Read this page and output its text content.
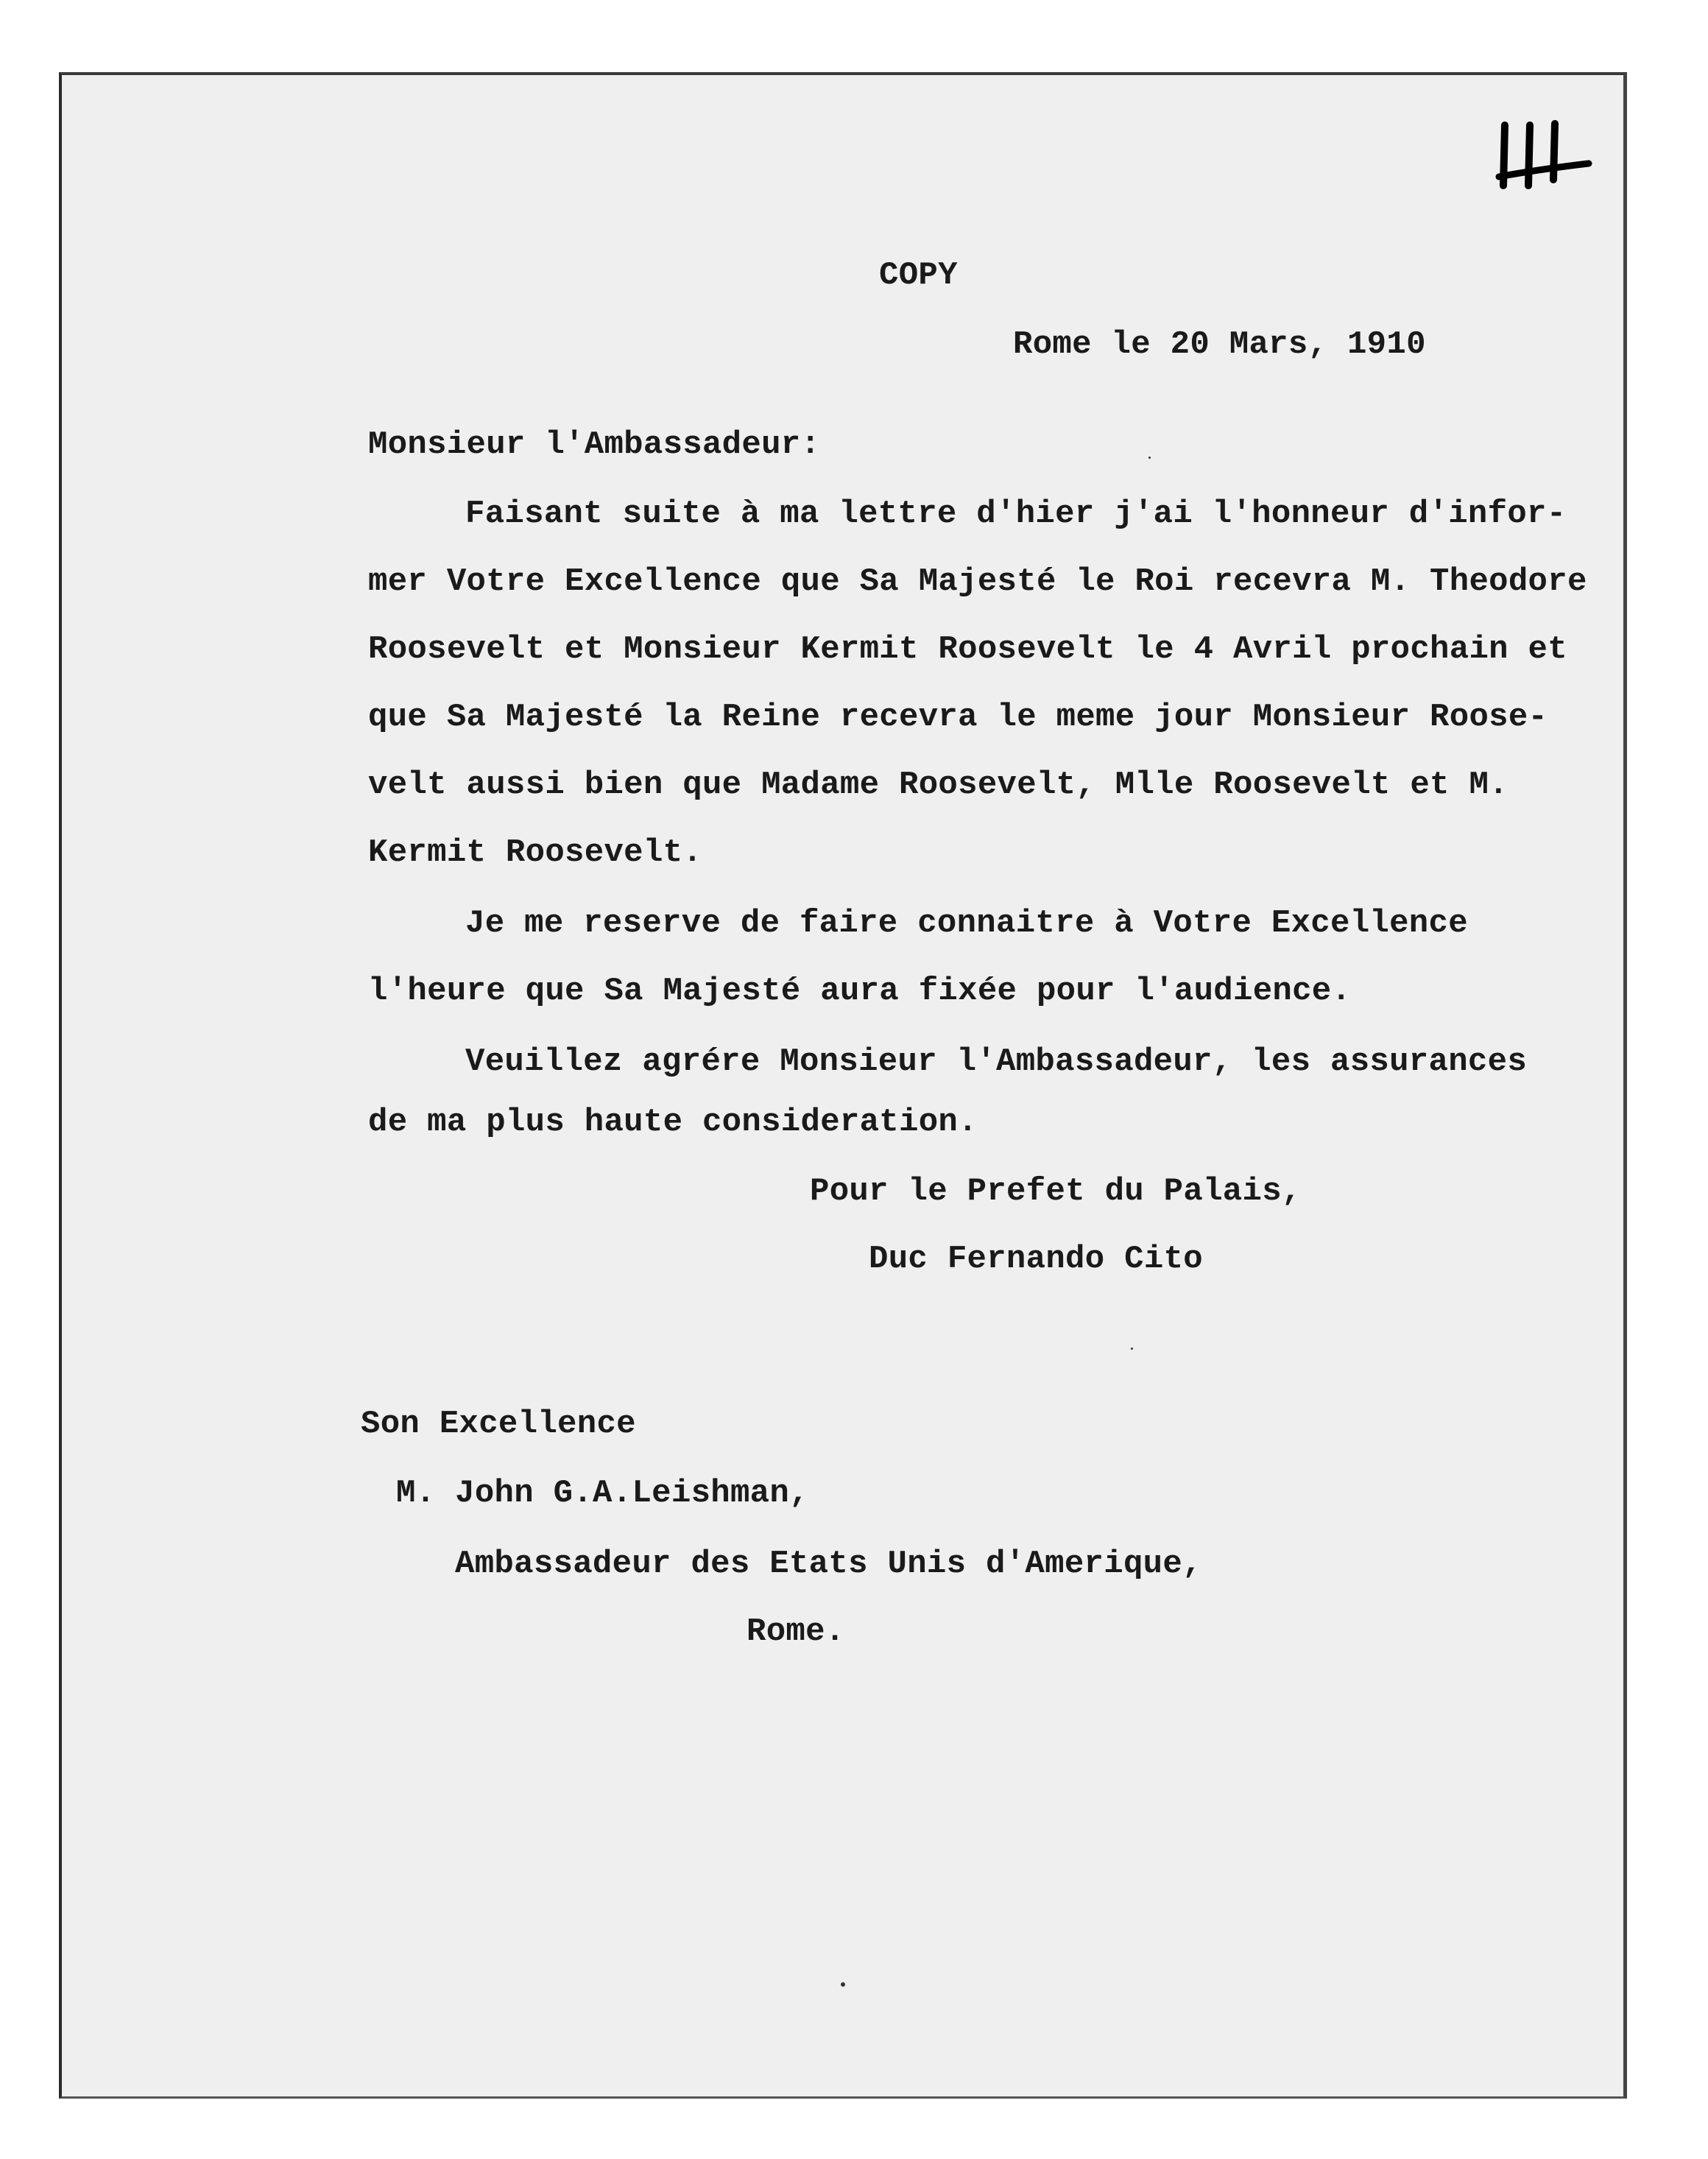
COPY
Rome le 20 Mars, 1910
Monsieur l'Ambassadeur:
Faisant suite à ma lettre d'hier j'ai l'honneur d'infor-
mer Votre Excellence que Sa Majesté le Roi recevra M. Theodore
Roosevelt et Monsieur Kermit Roosevelt le 4 Avril prochain et
que Sa Majesté la Reine recevra le meme jour Monsieur Roose-
velt aussi bien que Madame Roosevelt, Mlle Roosevelt et M.
Kermit Roosevelt.
Je me reserve de faire connaitre à Votre Excellence
l'heure que Sa Majesté aura fixée pour l'audience.
Veuillez agrére Monsieur l'Ambassadeur, les assurances
de ma plus haute consideration.
Pour le Prefet du Palais,
Duc Fernando Cito
Son Excellence
M. John G.A.Leishman,
Ambassadeur des Etats Unis d'Amerique,
Rome.
